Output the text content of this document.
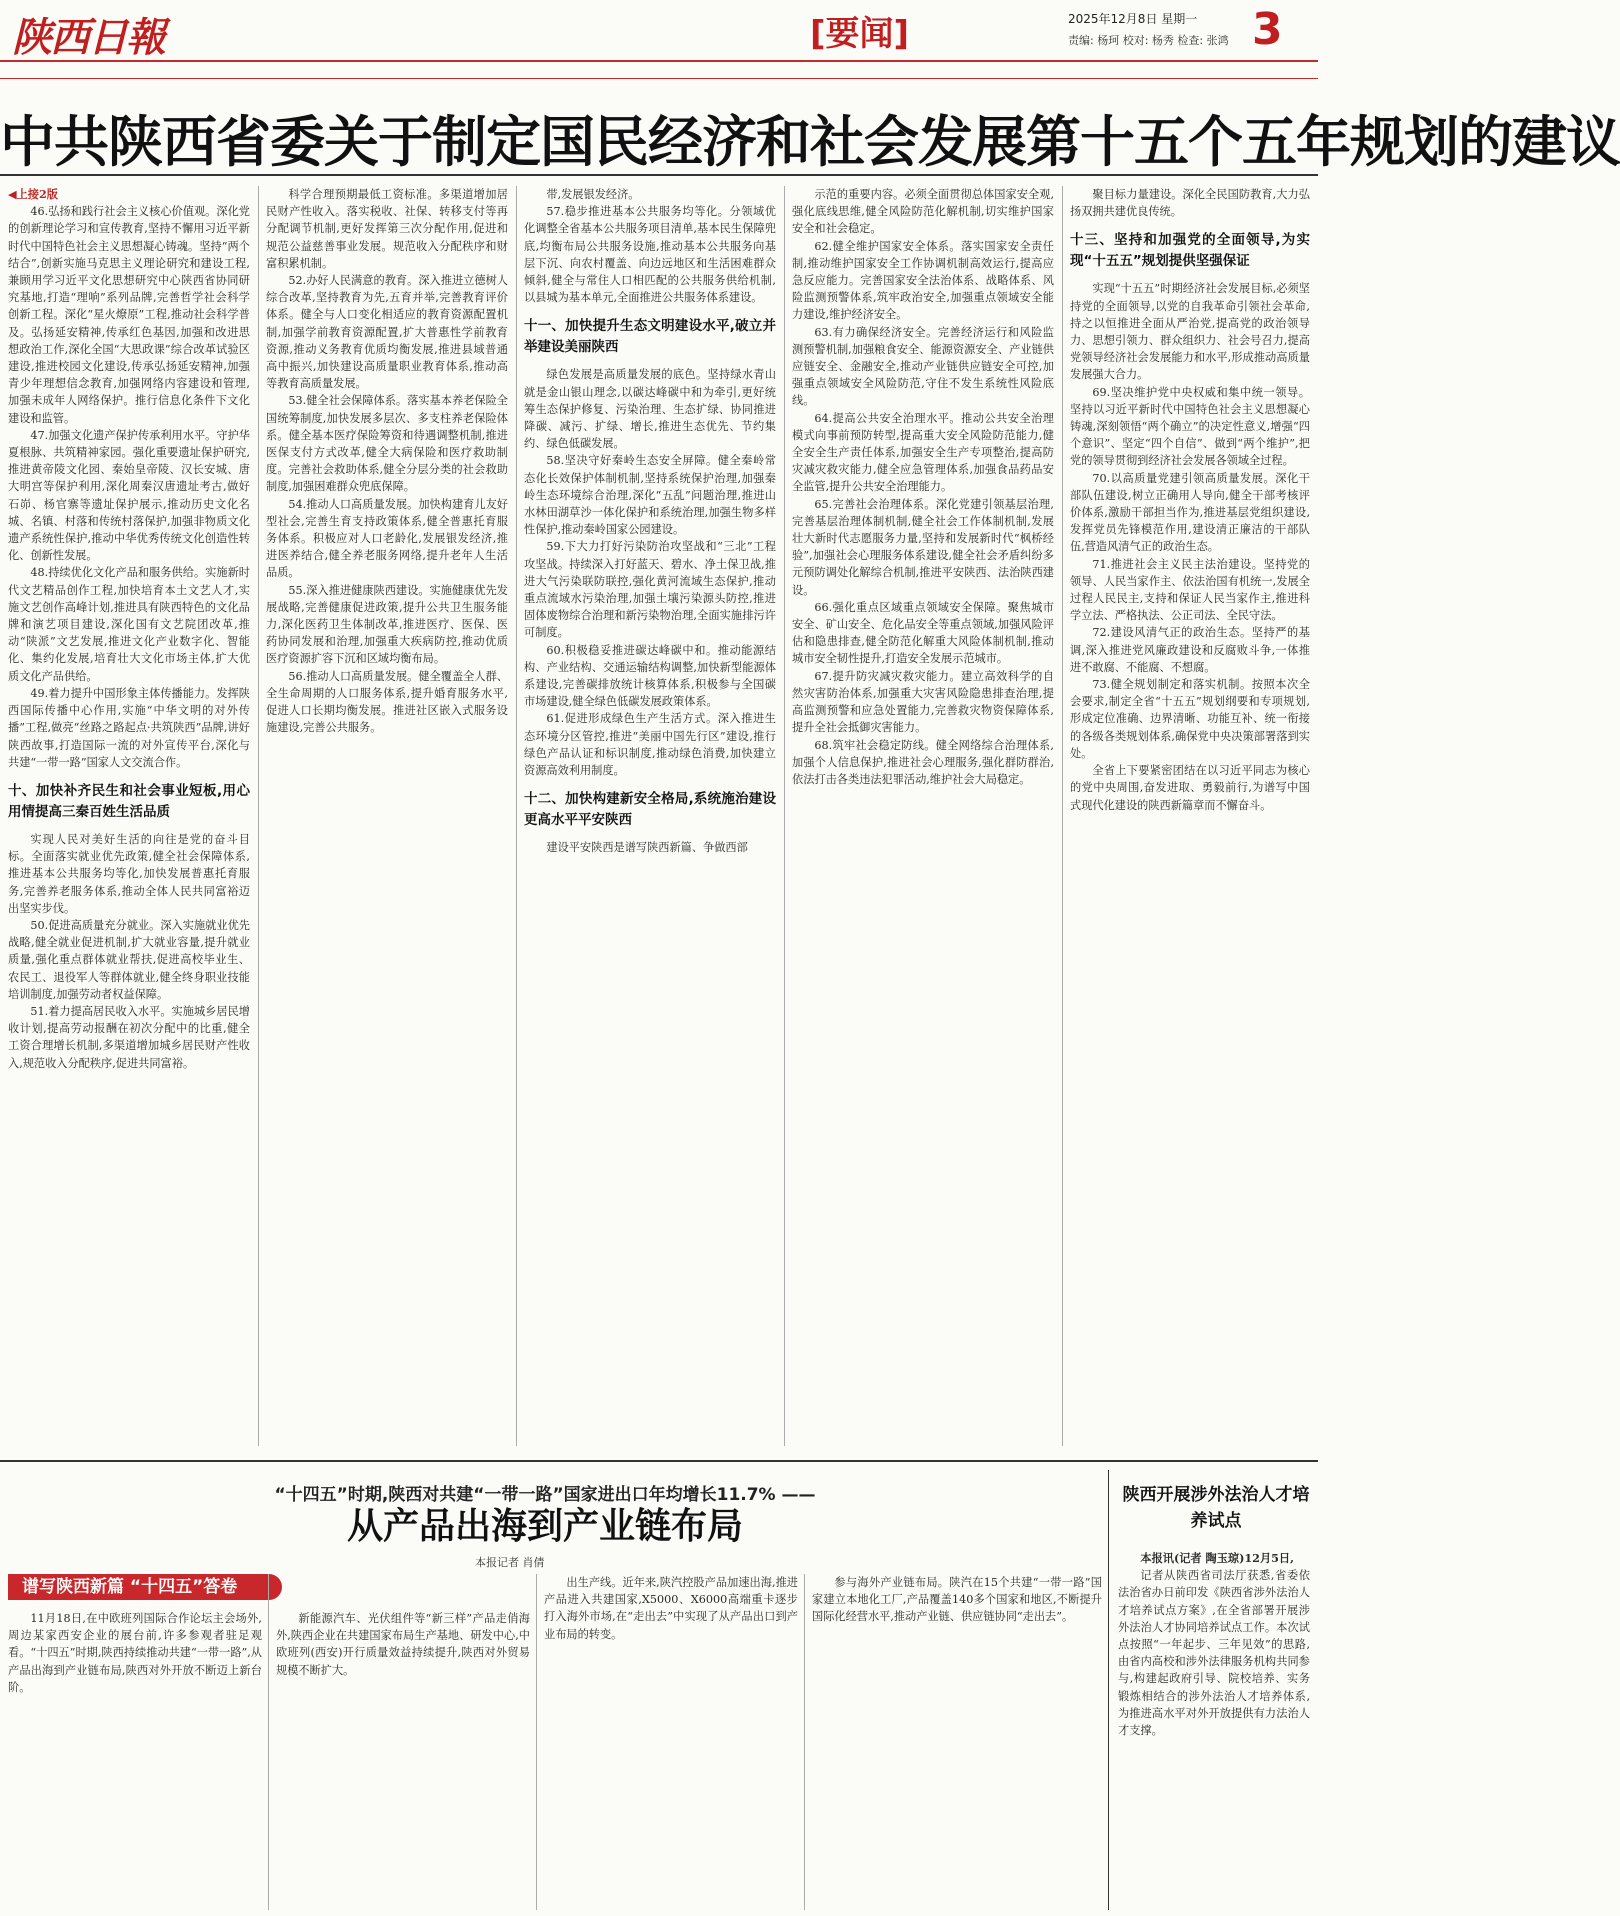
陕西日報	[要闻]	2025年12月8日 星期一
责编: 杨珂 校对: 杨秀 检查: 张鸿 3
中共陕西省委关于制定国民经济和社会发展第十五个五年规划的建议

◀上接2版

46.弘扬和践行社会主义核心价值观。深化党的创新理论学习和宣传教育,坚持不懈用习近平新时代中国特色社会主义思想凝心铸魂。坚持“两个结合”,创新实施马克思主义理论研究和建设工程,兼顾用学习近平文化思想研究中心陕西省协同研究基地,打造“理响”系列品牌,完善哲学社会科学创新工程。深化“星火燎原”工程,推动社会科学普及。弘扬延安精神,传承红色基因,加强和改进思想政治工作,深化全国“大思政课”综合改革试验区建设,推进校园文化建设,传承弘扬延安精神,加强青少年理想信念教育,加强网络内容建设和管理,加强未成年人网络保护。推行信息化条件下文化建设和监管。

47.加强文化遗产保护传承利用水平。守护华夏根脉、共筑精神家园。强化重要遗址保护研究,推进黄帝陵文化园、秦始皇帝陵、汉长安城、唐大明宫等保护利用,深化周秦汉唐遗址考古,做好石峁、杨官寨等遗址保护展示,推动历史文化名城、名镇、村落和传统村落保护,加强非物质文化遗产系统性保护,推动中华优秀传统文化创造性转化、创新性发展。

48.持续优化文化产品和服务供给。实施新时代文艺精品创作工程,加快培育本土文艺人才,实施文艺创作高峰计划,推进具有陕西特色的文化品牌和演艺项目建设,深化国有文艺院团改革,推动“陕派”文艺发展,推进文化产业数字化、智能化、集约化发展,培育壮大文化市场主体,扩大优质文化产品供给。

49.着力提升中国形象主体传播能力。发挥陕西国际传播中心作用,实施“中华文明的对外传播”工程,做亮“丝路之路起点·共筑陕西”品牌,讲好陕西故事,打造国际一流的对外宣传平台,深化与共建“一带一路”国家人文交流合作。

十、加快补齐民生和社会事业短板,用心用情提高三秦百姓生活品质

实现人民对美好生活的向往是党的奋斗目标。全面落实就业优先政策,健全社会保障体系,推进基本公共服务均等化,加快发展普惠托育服务,完善养老服务体系,推动全体人民共同富裕迈出坚实步伐。

50.促进高质量充分就业。深入实施就业优先战略,健全就业促进机制,扩大就业容量,提升就业质量,强化重点群体就业帮扶,促进高校毕业生、农民工、退役军人等群体就业,健全终身职业技能培训制度,加强劳动者权益保障。

51.着力提高居民收入水平。实施城乡居民增收计划,提高劳动报酬在初次分配中的比重,健全工资合理增长机制,多渠道增加城乡居民财产性收入,规范收入分配秩序,促进共同富裕。

科学合理预期最低工资标准。多渠道增加居民财产性收入。落实税收、社保、转移支付等再分配调节机制,更好发挥第三次分配作用,促进和规范公益慈善事业发展。规范收入分配秩序和财富积累机制。

52.办好人民满意的教育。深入推进立德树人综合改革,坚持教育为先,五育并举,完善教育评价体系。健全与人口变化相适应的教育资源配置机制,加强学前教育资源配置,扩大普惠性学前教育资源,推动义务教育优质均衡发展,推进县域普通高中振兴,加快建设高质量职业教育体系,推动高等教育高质量发展。

53.健全社会保障体系。落实基本养老保险全国统筹制度,加快发展多层次、多支柱养老保险体系。健全基本医疗保险筹资和待遇调整机制,推进医保支付方式改革,健全大病保险和医疗救助制度。完善社会救助体系,健全分层分类的社会救助制度,加强困难群众兜底保障。

54.推动人口高质量发展。加快构建育儿友好型社会,完善生育支持政策体系,健全普惠托育服务体系。积极应对人口老龄化,发展银发经济,推进医养结合,健全养老服务网络,提升老年人生活品质。

55.深入推进健康陕西建设。实施健康优先发展战略,完善健康促进政策,提升公共卫生服务能力,深化医药卫生体制改革,推进医疗、医保、医药协同发展和治理,加强重大疾病防控,推动优质医疗资源扩容下沉和区域均衡布局。

56.推动人口高质量发展。健全覆盖全人群、全生命周期的人口服务体系,提升婚育服务水平,促进人口长期均衡发展。推进社区嵌入式服务设施建设,完善公共服务。

带,发展银发经济。

57.稳步推进基本公共服务均等化。分领域优化调整全省基本公共服务项目清单,基本民生保障兜底,均衡布局公共服务设施,推动基本公共服务向基层下沉、向农村覆盖、向边远地区和生活困难群众倾斜,健全与常住人口相匹配的公共服务供给机制,以县城为基本单元,全面推进公共服务体系建设。

十一、加快提升生态文明建设水平,破立并举建设美丽陕西

绿色发展是高质量发展的底色。坚持绿水青山就是金山银山理念,以碳达峰碳中和为牵引,更好统筹生态保护修复、污染治理、生态扩绿、协同推进降碳、减污、扩绿、增长,推进生态优先、节约集约、绿色低碳发展。

58.坚决守好秦岭生态安全屏障。健全秦岭常态化长效保护体制机制,坚持系统保护治理,加强秦岭生态环境综合治理,深化“五乱”问题治理,推进山水林田湖草沙一体化保护和系统治理,加强生物多样性保护,推动秦岭国家公园建设。

59.下大力打好污染防治攻坚战和“三北”工程攻坚战。持续深入打好蓝天、碧水、净土保卫战,推进大气污染联防联控,强化黄河流域生态保护,推动重点流域水污染治理,加强土壤污染源头防控,推进固体废物综合治理和新污染物治理,全面实施排污许可制度。

60.积极稳妥推进碳达峰碳中和。推动能源结构、产业结构、交通运输结构调整,加快新型能源体系建设,完善碳排放统计核算体系,积极参与全国碳市场建设,健全绿色低碳发展政策体系。

61.促进形成绿色生产生活方式。深入推进生态环境分区管控,推进“美丽中国先行区”建设,推行绿色产品认证和标识制度,推动绿色消费,加快建立资源高效利用制度。

十二、加快构建新安全格局,系统施治建设更高水平平安陕西

建设平安陕西是谱写陕西新篇、争做西部

示范的重要内容。必须全面贯彻总体国家安全观,强化底线思维,健全风险防范化解机制,切实维护国家安全和社会稳定。

62.健全维护国家安全体系。落实国家安全责任制,推动维护国家安全工作协调机制高效运行,提高应急反应能力。完善国家安全法治体系、战略体系、风险监测预警体系,筑牢政治安全,加强重点领域安全能力建设,维护经济安全。

63.有力确保经济安全。完善经济运行和风险监测预警机制,加强粮食安全、能源资源安全、产业链供应链安全、金融安全,推动产业链供应链安全可控,加强重点领域安全风险防范,守住不发生系统性风险底线。

64.提高公共安全治理水平。推动公共安全治理模式向事前预防转型,提高重大安全风险防范能力,健全安全生产责任体系,加强安全生产专项整治,提高防灾减灾救灾能力,健全应急管理体系,加强食品药品安全监管,提升公共安全治理能力。

65.完善社会治理体系。深化党建引领基层治理,完善基层治理体制机制,健全社会工作体制机制,发展壮大新时代志愿服务力量,坚持和发展新时代“枫桥经验”,加强社会心理服务体系建设,健全社会矛盾纠纷多元预防调处化解综合机制,推进平安陕西、法治陕西建设。

66.强化重点区域重点领域安全保障。聚焦城市安全、矿山安全、危化品安全等重点领域,加强风险评估和隐患排查,健全防范化解重大风险体制机制,推动城市安全韧性提升,打造安全发展示范城市。

67.提升防灾减灾救灾能力。建立高效科学的自然灾害防治体系,加强重大灾害风险隐患排查治理,提高监测预警和应急处置能力,完善救灾物资保障体系,提升全社会抵御灾害能力。

68.筑牢社会稳定防线。健全网络综合治理体系,加强个人信息保护,推进社会心理服务,强化群防群治,依法打击各类违法犯罪活动,维护社会大局稳定。

聚目标力量建设。深化全民国防教育,大力弘扬双拥共建优良传统。

十三、坚持和加强党的全面领导,为实现“十五五”规划提供坚强保证

实现“十五五”时期经济社会发展目标,必须坚持党的全面领导,以党的自我革命引领社会革命,持之以恒推进全面从严治党,提高党的政治领导力、思想引领力、群众组织力、社会号召力,提高党领导经济社会发展能力和水平,形成推动高质量发展强大合力。

69.坚决维护党中央权威和集中统一领导。坚持以习近平新时代中国特色社会主义思想凝心铸魂,深刻领悟“两个确立”的决定性意义,增强“四个意识”、坚定“四个自信”、做到“两个维护”,把党的领导贯彻到经济社会发展各领域全过程。

70.以高质量党建引领高质量发展。深化干部队伍建设,树立正确用人导向,健全干部考核评价体系,激励干部担当作为,推进基层党组织建设,发挥党员先锋模范作用,建设清正廉洁的干部队伍,营造风清气正的政治生态。

71.推进社会主义民主法治建设。坚持党的领导、人民当家作主、依法治国有机统一,发展全过程人民民主,支持和保证人民当家作主,推进科学立法、严格执法、公正司法、全民守法。

72.建设风清气正的政治生态。坚持严的基调,深入推进党风廉政建设和反腐败斗争,一体推进不敢腐、不能腐、不想腐。

73.健全规划制定和落实机制。按照本次全会要求,制定全省“十五五”规划纲要和专项规划,形成定位准确、边界清晰、功能互补、统一衔接的各级各类规划体系,确保党中央决策部署落到实处。

全省上下要紧密团结在以习近平同志为核心的党中央周围,奋发进取、勇毅前行,为谱写中国式现代化建设的陕西新篇章而不懈奋斗。

“十四五”时期,陕西对共建“一带一路”国家进出口年均增长11.7% ——
从产品出海到产业链布局
本报记者 肖倩
谱写陕西新篇 “十四五”答卷

11月18日,在中欧班列国际合作论坛主会场外,周边某家西安企业的展台前,许多参观者驻足观看。“十四五”时期,陕西持续推动共建“一带一路”,从产品出海到产业链布局,陕西对外开放不断迈上新台阶。

新能源汽车、光伏组件等“新三样”产品走俏海外,陕西企业在共建国家布局生产基地、研发中心,中欧班列(西安)开行质量效益持续提升,陕西对外贸易规模不断扩大。

出生产线。近年来,陕汽控股产品加速出海,推进产品进入共建国家,X5000、X6000高端重卡逐步打入海外市场,在“走出去”中实现了从产品出口到产业布局的转变。

参与海外产业链布局。陕汽在15个共建“一带一路”国家建立本地化工厂,产品覆盖140多个国家和地区,不断提升国际化经营水平,推动产业链、供应链协同“走出去”。

陕西开展涉外法治人才培养试点

本报讯(记者 陶玉琼)12月5日,

记者从陕西省司法厅获悉,省委依法治省办日前印发《陕西省涉外法治人才培养试点方案》,在全省部署开展涉外法治人才协同培养试点工作。本次试点按照“一年起步、三年见效”的思路,由省内高校和涉外法律服务机构共同参与,构建起政府引导、院校培养、实务锻炼相结合的涉外法治人才培养体系,为推进高水平对外开放提供有力法治人才支撑。
